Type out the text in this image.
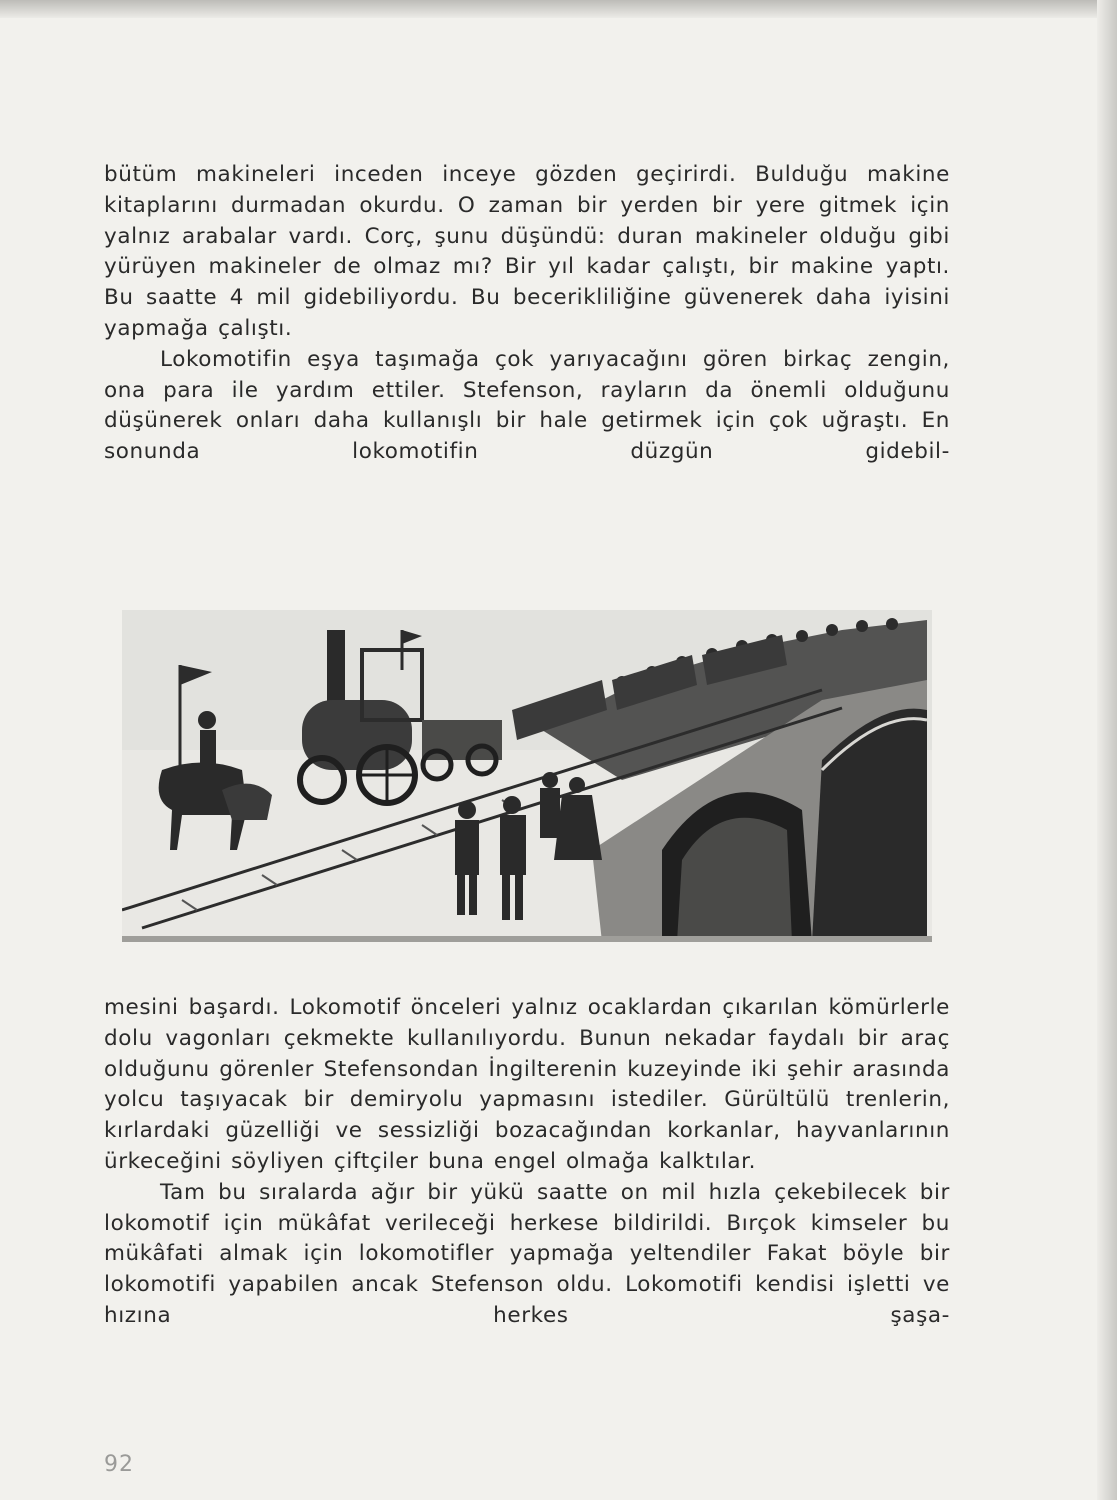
bütüm makineleri inceden inceye gözden geçirirdi. Bulduğu makine kitaplarını durmadan okurdu. O zaman bir yerden bir yere gitmek için yalnız arabalar vardı. Corç, şunu düşündü: duran makineler olduğu gibi yürüyen makineler de olmaz mı? Bir yıl kadar çalıştı, bir makine yaptı. Bu saatte 4 mil gidebiliyordu. Bu becerikliliğine güvenerek daha iyisini yapmağa çalıştı.

Lokomotifin eşya taşımağa çok yarıyacağını gören birkaç zengin, ona para ile yardım ettiler. Stefenson, rayların da önemli olduğunu düşünerek onları daha kullanışlı bir hale getirmek için çok uğraştı. En sonunda lokomotifin düzgün gidebil-

mesini başardı. Lokomotif önceleri yalnız ocaklardan çıkarılan kömürlerle dolu vagonları çekmekte kullanılıyordu. Bunun nekadar faydalı bir araç olduğunu görenler Stefensondan İngilterenin kuzeyinde iki şehir arasında yolcu taşıyacak bir demiryolu yapmasını istediler. Gürültülü trenlerin, kırlardaki güzelliği ve sessizliği bozacağından korkanlar, hayvanlarının ürkeceğini söyliyen çiftçiler buna engel olmağa kalktılar.

Tam bu sıralarda ağır bir yükü saatte on mil hızla çekebilecek bir lokomotif için mükâfat verileceği herkese bildirildi. Bırçok kimseler bu mükâfati almak için lokomotifler yapmağa yeltendiler Fakat böyle bir lokomotifi yapabilen ancak Stefenson oldu. Lokomotifi kendisi işletti ve hızına herkes şaşa-

92
